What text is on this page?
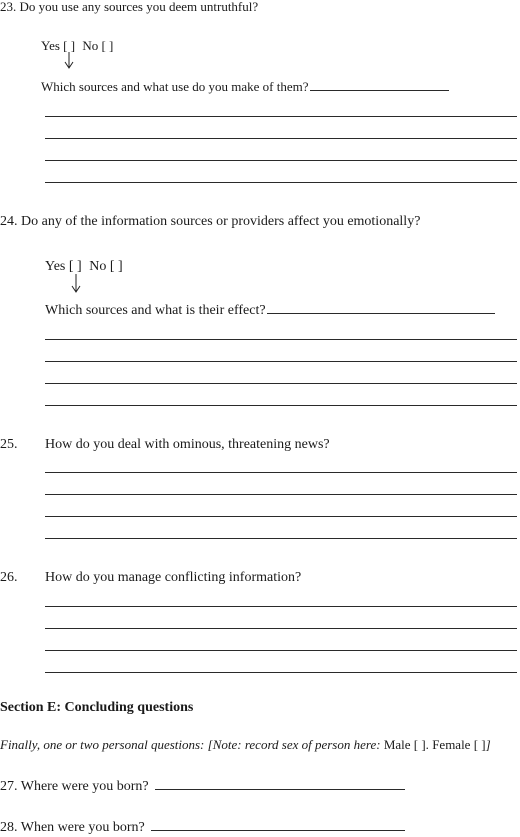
23. Do you use any sources you deem untruthful?
Yes [ ] No [ ]
Which sources and what use do you make of them?
24. Do any of the information sources or providers affect you emotionally?
Yes [ ] No [ ]
Which sources and what is their effect?
25. How do you deal with ominous, threatening news?
26. How do you manage conflicting information?
Section E: Concluding questions
Finally, one or two personal questions: [Note: record sex of person here: Male [ ]. Female [ ]]
27. Where were you born?
28. When were you born?
